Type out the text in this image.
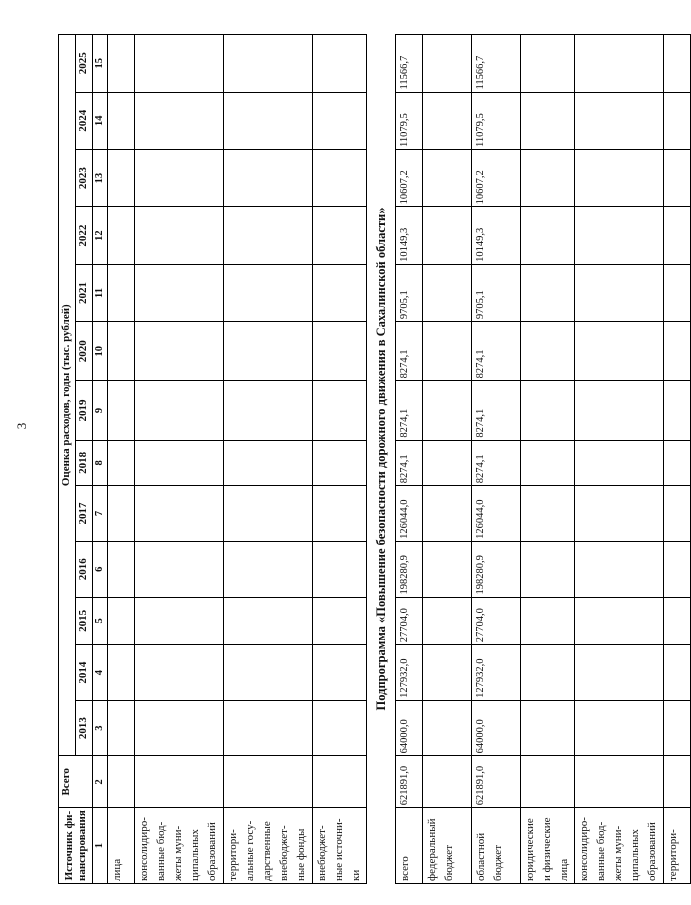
3
Источник фи- нансирования	Всего	Оценка расходов, годы (тыс. рублей)												
		2013	2014	2015	2016	2017	2018	2019	2020	2021	2022	2023	2024	2025
1	2	3	4	5	6	7	8	9	10	11	12	13	14	15
лица														
консолидиро-ванные бюд-жеты муни-ципальных образований														
территори-альные госу-дарственные внебюджет-ные фонды														
внебюджет-ные источни-ки														
Подпрограмма «Повышение безопасности дорожного движения в Сахалинской области»														
всего	621891,0	64000,0	127932,0	27704,0	198280,9	126044,0	8274,1	8274,1	8274,1	9705,1	10149,3	10607,2	11079,5	11566,7
федеральный бюджет														
областной бюджет	621891,0	64000,0	127932,0	27704,0	198280,9	126044,0	8274,1	8274,1	8274,1	9705,1	10149,3	10607,2	11079,5	11566,7
юридические и физические лица														
консолидиро-ванные бюд-жеты муни-ципальных образований														
территори-														
